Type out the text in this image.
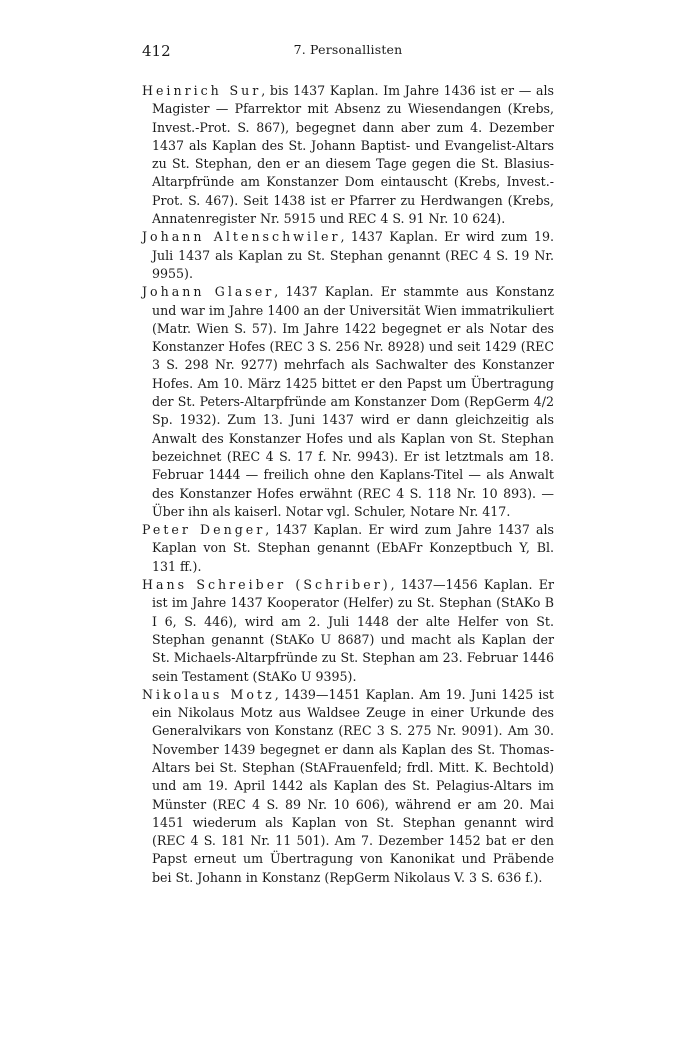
412	7. Personallisten

Heinrich Sur, bis 1437 Kaplan. Im Jahre 1436 ist er — als Magister — Pfarrektor mit Absenz zu Wiesendangen (Krebs, Invest.-Prot. S. 867), begegnet dann aber zum 4. Dezember 1437 als Kaplan des St. Johann Baptist- und Evangelist-Altars zu St. Stephan, den er an diesem Tage gegen die St. Blasius-Altarpfründe am Konstanzer Dom eintauscht (Krebs, Invest.-Prot. S. 467). Seit 1438 ist er Pfarrer zu Herdwangen (Krebs, Annatenregister Nr. 5915 und REC 4 S. 91 Nr. 10 624).

Johann Altenschwiler, 1437 Kaplan. Er wird zum 19. Juli 1437 als Kaplan zu St. Stephan genannt (REC 4 S. 19 Nr. 9955).

Johann Glaser, 1437 Kaplan. Er stammte aus Konstanz und war im Jahre 1400 an der Universität Wien immatrikuliert (Matr. Wien S. 57). Im Jahre 1422 begegnet er als Notar des Konstanzer Hofes (REC 3 S. 256 Nr. 8928) und seit 1429 (REC 3 S. 298 Nr. 9277) mehrfach als Sachwalter des Konstanzer Hofes. Am 10. März 1425 bittet er den Papst um Übertragung der St. Peters-Altarpfründe am Konstanzer Dom (RepGerm 4/2 Sp. 1932). Zum 13. Juni 1437 wird er dann gleichzeitig als Anwalt des Konstanzer Hofes und als Kaplan von St. Stephan bezeichnet (REC 4 S. 17 f. Nr. 9943). Er ist letztmals am 18. Februar 1444 — freilich ohne den Kaplans-Titel — als Anwalt des Konstanzer Hofes erwähnt (REC 4 S. 118 Nr. 10 893). — Über ihn als kaiserl. Notar vgl. Schuler, Notare Nr. 417.

Peter Denger, 1437 Kaplan. Er wird zum Jahre 1437 als Kaplan von St. Stephan genannt (EbAFr Konzeptbuch Y, Bl. 131 ff.).

Hans Schreiber (Schriber), 1437—1456 Kaplan. Er ist im Jahre 1437 Kooperator (Helfer) zu St. Stephan (StAKo B I 6, S. 446), wird am 2. Juli 1448 der alte Helfer von St. Stephan genannt (StAKo U 8687) und macht als Kaplan der St. Michaels-Altarpfründe zu St. Stephan am 23. Februar 1446 sein Testament (StAKo U 9395).

Nikolaus Motz, 1439—1451 Kaplan. Am 19. Juni 1425 ist ein Nikolaus Motz aus Waldsee Zeuge in einer Urkunde des Generalvikars von Konstanz (REC 3 S. 275 Nr. 9091). Am 30. November 1439 begegnet er dann als Kaplan des St. Thomas-Altars bei St. Stephan (StAFrauenfeld; frdl. Mitt. K. Bechtold) und am 19. April 1442 als Kaplan des St. Pelagius-Altars im Münster (REC 4 S. 89 Nr. 10 606), während er am 20. Mai 1451 wiederum als Kaplan von St. Stephan genannt wird (REC 4 S. 181 Nr. 11 501). Am 7. Dezember 1452 bat er den Papst erneut um Übertragung von Kanonikat und Präbende bei St. Johann in Konstanz (RepGerm Nikolaus V. 3 S. 636 f.).
